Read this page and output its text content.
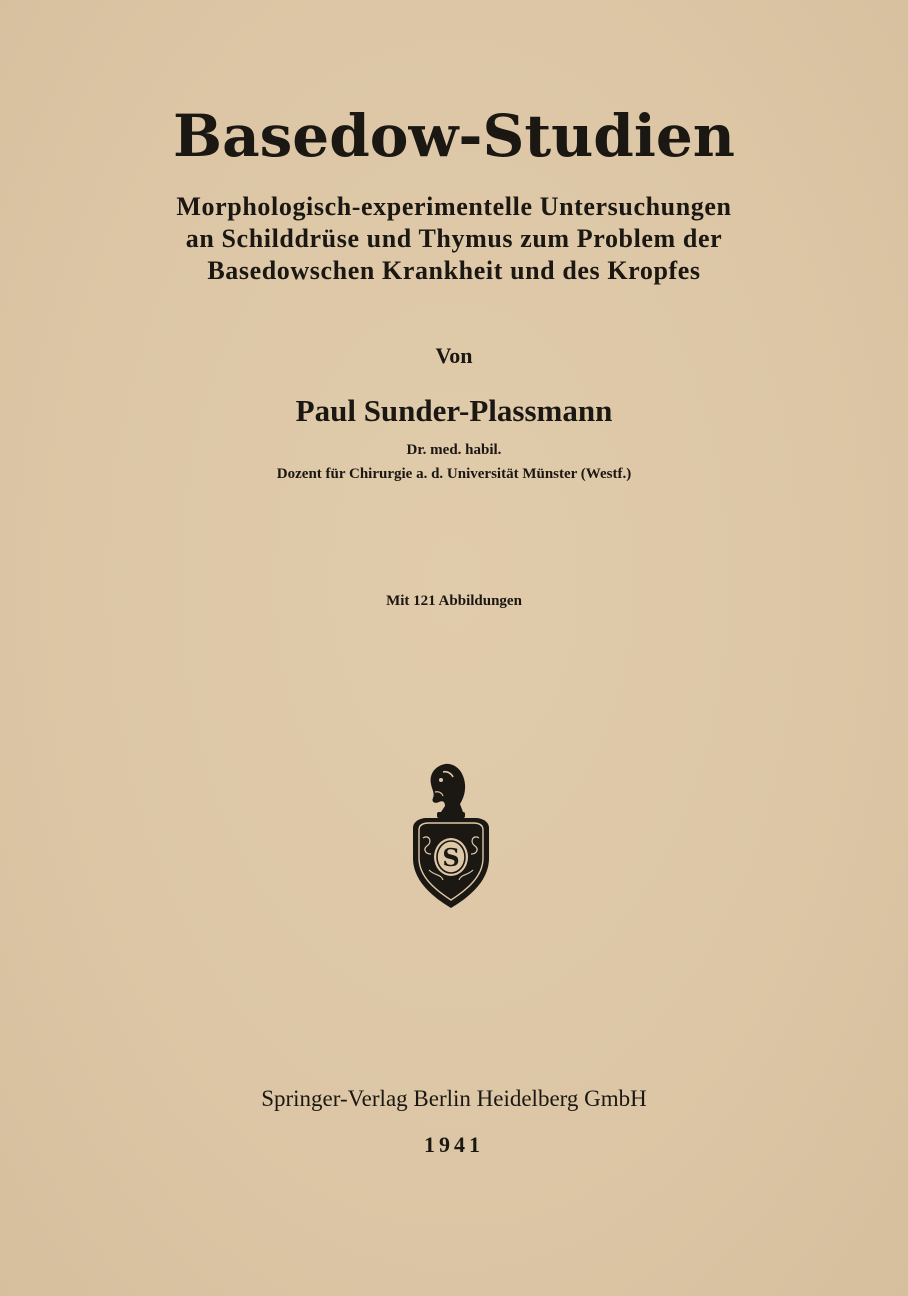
Basedow-Studien
Morphologisch-experimentelle Untersuchungen
an Schilddrüse und Thymus zum Problem der
Basedowschen Krankheit und des Kropfes
Von
Paul Sunder-Plassmann
Dr. med. habil.
Dozent für Chirurgie a. d. Universität Münster (Westf.)
Mit 121 Abbildungen
S
Springer-Verlag Berlin Heidelberg GmbH
1941
